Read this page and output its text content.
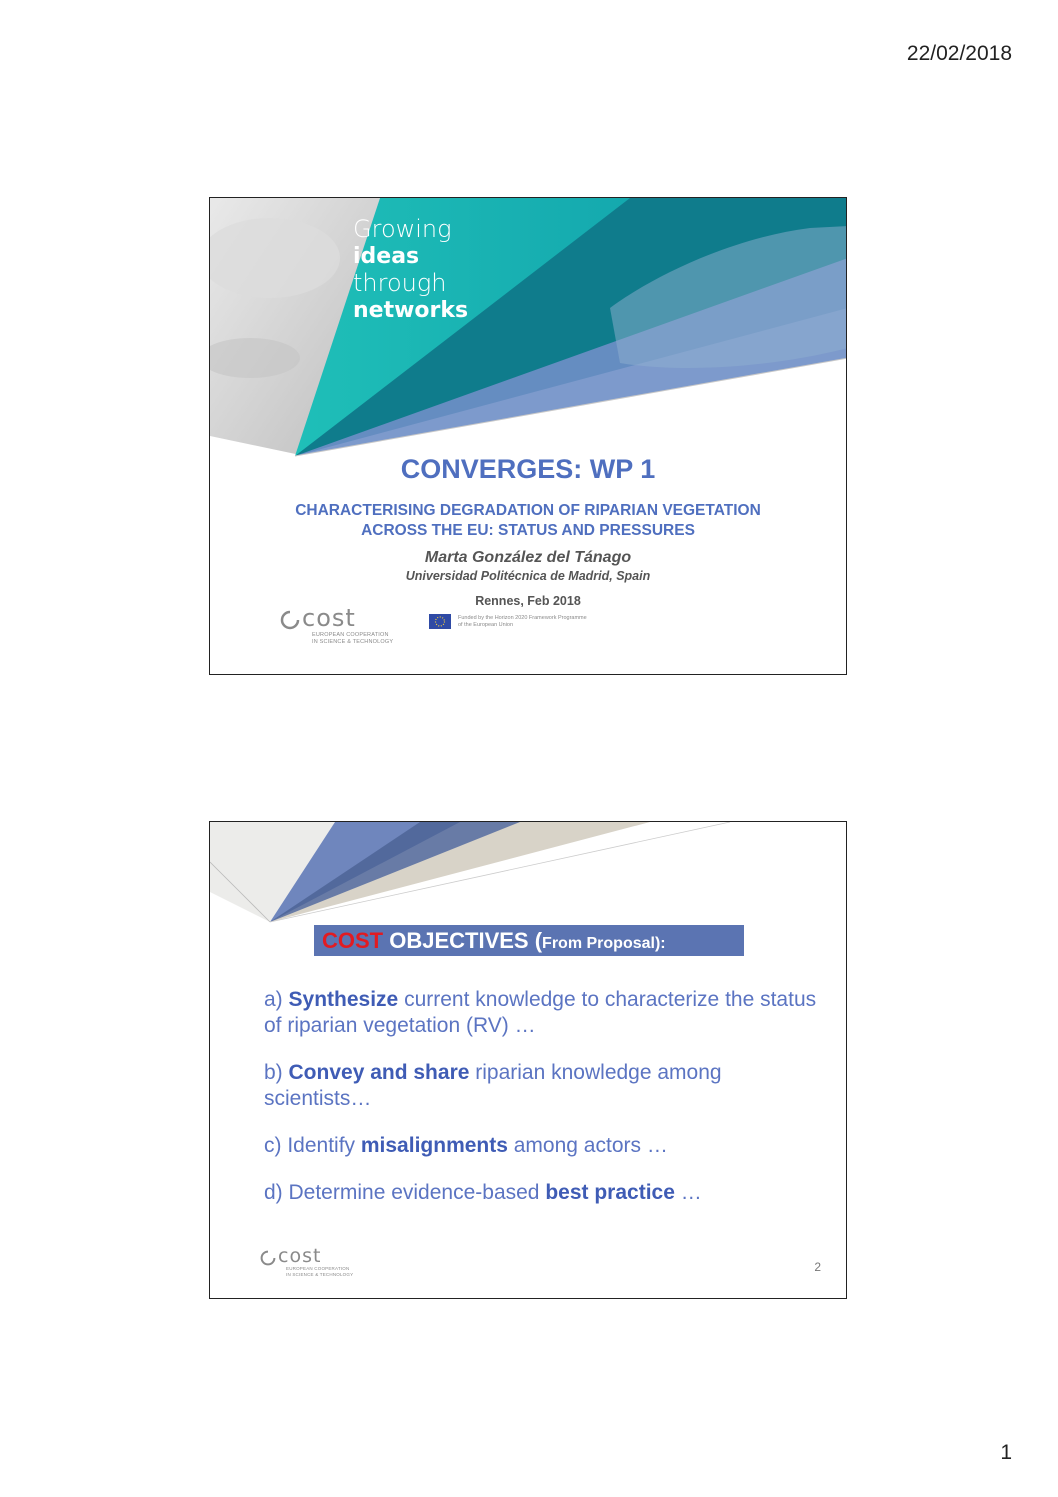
22/02/2018
Growing
ideas
through
networks
CONVERGES: WP 1
CHARACTERISING DEGRADATION OF RIPARIAN VEGETATION
ACROSS THE EU: STATUS AND PRESSURES
Marta González del Tánago
Universidad Politécnica de Madrid, Spain
Rennes, Feb 2018
cost
EUROPEAN COOPERATION
IN SCIENCE & TECHNOLOGY
Funded by the Horizon 2020 Framework Programme
of the European Union
COST OBJECTIVES (From Proposal):
a) Synthesize current knowledge to characterize the status of riparian vegetation (RV) …
b) Convey and share riparian knowledge among scientists…
c) Identify misalignments among actors …
d) Determine evidence-based best practice …
cost
EUROPEAN COOPERATION
IN SCIENCE & TECHNOLOGY
2
1
